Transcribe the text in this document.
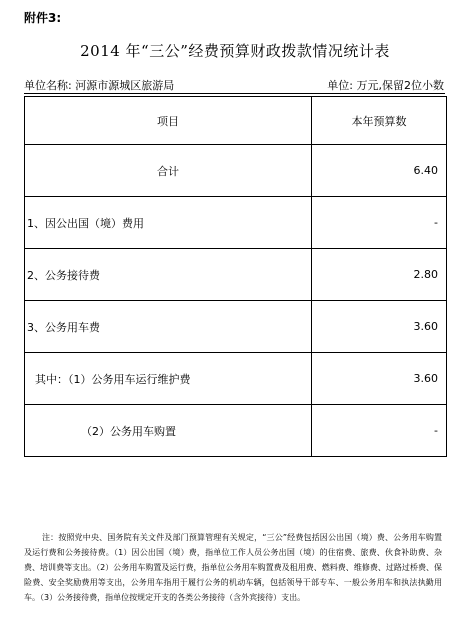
附件3:
2014 年“三公”经费预算财政拨款情况统计表
单位名称: 河源市源城区旅游局	单位: 万元,保留2位小数
项目	本年预算数
合计	6.40
1、因公出国（境）费用	-
2、公务接待费	2.80
3、公务用车费	3.60
其中：（1）公务用车运行维护费	3.60
（2）公务用车购置	-
注：按照党中央、国务院有关文件及部门预算管理有关规定，“三公”经费包括因公出国（境）费、公务用车购置及运行费和公务接待费。（1）因公出国（境）费，指单位工作人员公务出国（境）的住宿费、旅费、伙食补助费、杂费、培训费等支出。（2）公务用车购置及运行费，指单位公务用车购置费及租用费、燃料费、维修费、过路过桥费、保险费、安全奖励费用等支出，公务用车指用于履行公务的机动车辆，包括领导干部专车、一般公务用车和执法执勤用车。（3）公务接待费，指单位按规定开支的各类公务接待（含外宾接待）支出。
